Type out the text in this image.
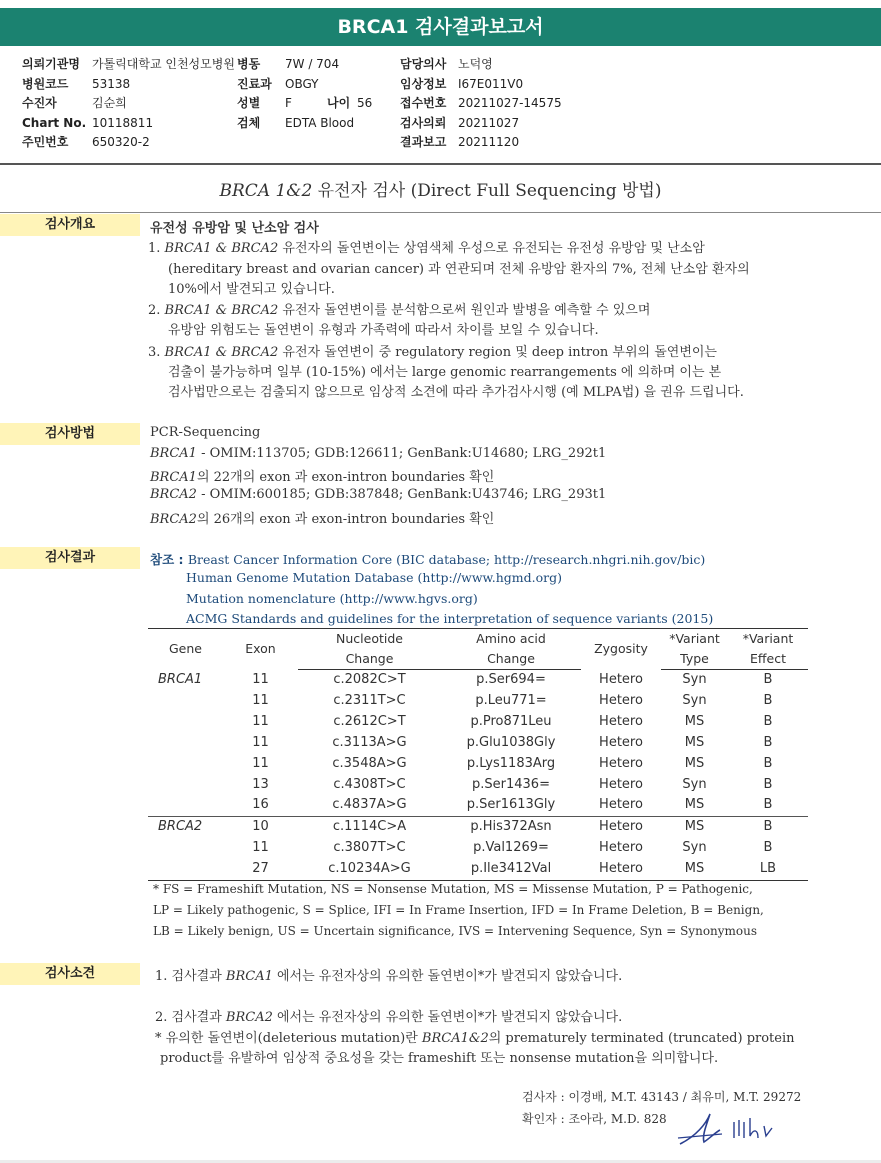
BRCA1 검사결과보고서
의뢰기관명 가톨릭대학교 인천성모병원
병원코드 53138
수진자	김순희
Chart No. 10118811
주민번호 650320-2
병동 7W / 704
진료과 OBGY
성별 F	나이 56
검체 EDTA Blood
담당의사 노덕영
임상정보 I67E011V0
접수번호 20211027-14575
검사의뢰 20211027
결과보고 20211120
BRCA 1&2 유전자 검사 (Direct Full Sequencing 방법)
검사개요	유전성 유방암 및 난소암 검사
1. BRCA1 & BRCA2 유전자의 돌연변이는 상염색체 우성으로 유전되는 유전성 유방암 및 난소암
(hereditary breast and ovarian cancer) 과 연관되며 전체 유방암 환자의 7%, 전체 난소암 환자의
10%에서 발견되고 있습니다.
2. BRCA1 & BRCA2 유전자 돌연변이를 분석함으로써 원인과 발병을 예측할 수 있으며
유방암 위험도는 돌연변이 유형과 가족력에 따라서 차이를 보일 수 있습니다.
3. BRCA1 & BRCA2 유전자 돌연변이 중 regulatory region 및 deep intron 부위의 돌연변이는
검출이 불가능하며 일부 (10-15%) 에서는 large genomic rearrangements 에 의하며 이는 본
검사법만으로는 검출되지 않으므로 임상적 소견에 따라 추가검사시행 (예 MLPA법) 을 권유 드립니다.
검사방법	PCR-Sequencing
BRCA1 - OMIM:113705; GDB:126611; GenBank:U14680; LRG_292t1
BRCA1의 22개의 exon 과 exon-intron boundaries 확인
BRCA2 - OMIM:600185; GDB:387848; GenBank:U43746; LRG_293t1
BRCA2의 26개의 exon 과 exon-intron boundaries 확인
검사결과	참조 : Breast Cancer Information Core (BIC database; http://research.nhgri.nih.gov/bic)
Human Genome Mutation Database (http://www.hgmd.org)
Mutation nomenclature (http://www.hgvs.org)
ACMG Standards and guidelines for the interpretation of sequence variants (2015)
Gene	Exon	Nucleotide	Amino acid	Zygosity	*Variant	*Variant
		Change	Change		Type	Effect
BRCA1	11	c.2082C>T	p.Ser694=	Hetero	Syn	B
	11	c.2311T>C	p.Leu771=	Hetero	Syn	B
	11	c.2612C>T	p.Pro871Leu	Hetero	MS	B
	11	c.3113A>G	p.Glu1038Gly	Hetero	MS	B
	11	c.3548A>G	p.Lys1183Arg	Hetero	MS	B
	13	c.4308T>C	p.Ser1436=	Hetero	Syn	B
	16	c.4837A>G	p.Ser1613Gly	Hetero	MS	B
BRCA2	10	c.1114C>A	p.His372Asn	Hetero	MS	B
	11	c.3807T>C	p.Val1269=	Hetero	Syn	B
	27	c.10234A>G	p.Ile3412Val	Hetero	MS	LB
* FS = Frameshift Mutation, NS = Nonsense Mutation, MS = Missense Mutation, P = Pathogenic,
LP = Likely pathogenic, S = Splice, IFI = In Frame Insertion, IFD = In Frame Deletion, B = Benign,
LB = Likely benign, US = Uncertain significance, IVS = Intervening Sequence, Syn = Synonymous
검사소견	1. 검사결과 BRCA1 에서는 유전자상의 유의한 돌연변이*가 발견되지 않았습니다.
2. 검사결과 BRCA2 에서는 유전자상의 유의한 돌연변이*가 발견되지 않았습니다.
* 유의한 돌연변이(deleterious mutation)란 BRCA1&2의 prematurely terminated (truncated) protein
product를 유발하여 임상적 중요성을 갖는 frameshift 또는 nonsense mutation을 의미합니다.
검사자 : 이경배, M.T. 43143 / 최유미, M.T. 29272
확인자 : 조아라, M.D. 828
